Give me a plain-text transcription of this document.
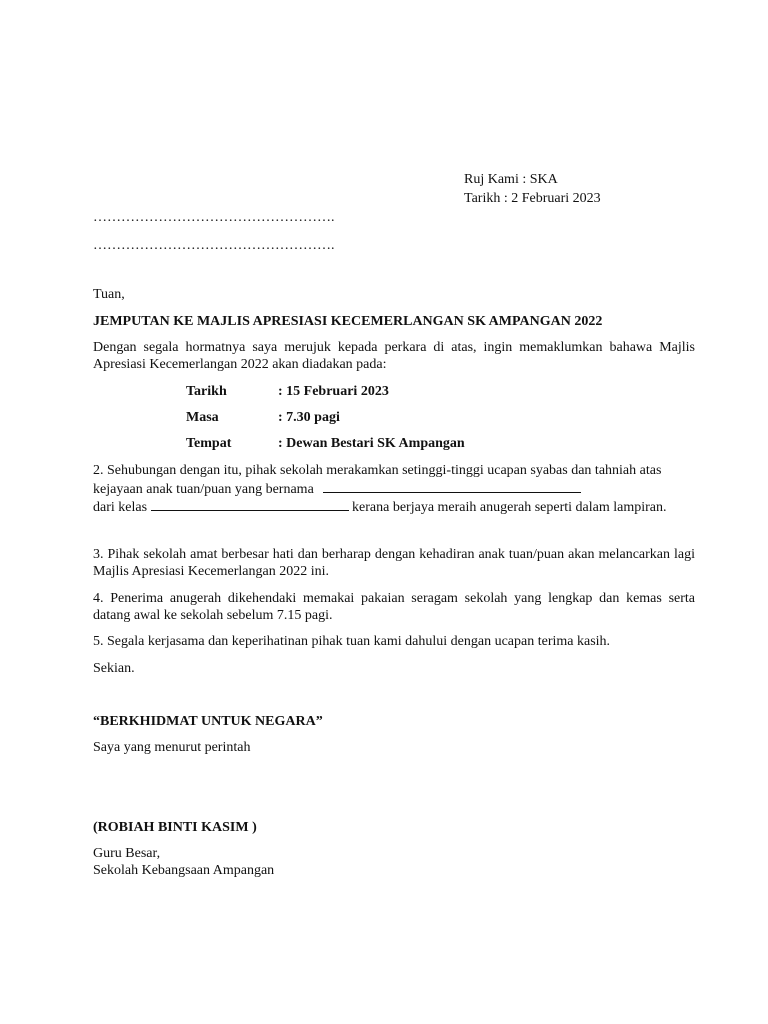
Ruj Kami : SKA
Tarikh : 2 Februari 2023
…………………………………………….
…………………………………………….
Tuan,
JEMPUTAN KE MAJLIS APRESIASI KECEMERLANGAN SK AMPANGAN 2022
Dengan segala hormatnya saya merujuk kepada perkara di atas, ingin memaklumkan bahawa Majlis Apresiasi Kecemerlangan 2022 akan diadakan pada:
Tarikh	: 15 Februari 2023
Masa	: 7.30 pagi
Tempat	: Dewan Bestari SK Ampangan
2. Sehubungan dengan itu, pihak sekolah merakamkan setinggi-tinggi ucapan syabas dan tahniah atas kejayaan anak tuan/puan yang bernama
dari kelas	kerana berjaya meraih anugerah seperti dalam lampiran.
3. Pihak sekolah amat berbesar hati dan berharap dengan kehadiran anak tuan/puan akan melancarkan lagi Majlis Apresiasi Kecemerlangan 2022 ini.
4. Penerima anugerah dikehendaki memakai pakaian seragam sekolah yang lengkap dan kemas serta datang awal ke sekolah sebelum 7.15 pagi.
5. Segala kerjasama dan keperihatinan pihak tuan kami dahului dengan ucapan terima kasih.
Sekian.
“BERKHIDMAT UNTUK NEGARA”
Saya yang menurut perintah
(ROBIAH BINTI KASIM )
Guru Besar,
Sekolah Kebangsaan Ampangan
